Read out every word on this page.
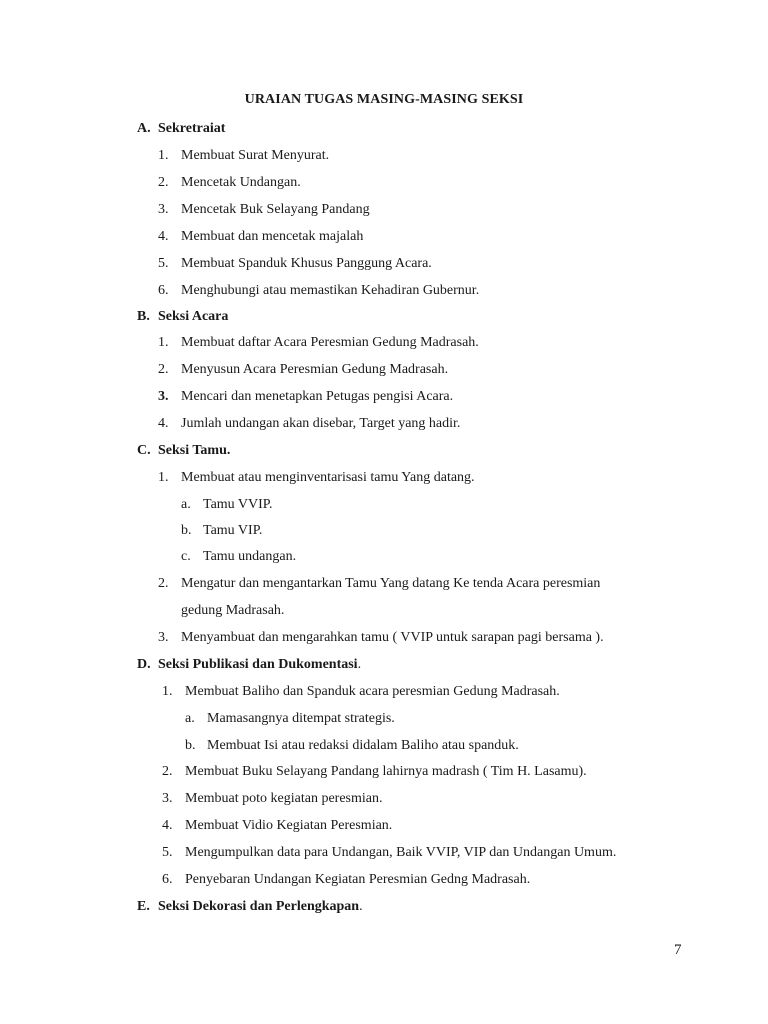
URAIAN TUGAS MASING-MASING SEKSI
A. Sekretraiat
1. Membuat Surat Menyurat.
2. Mencetak Undangan.
3. Mencetak Buk Selayang Pandang
4. Membuat dan mencetak majalah
5. Membuat Spanduk Khusus Panggung Acara.
6. Menghubungi atau memastikan Kehadiran Gubernur.
B. Seksi Acara
1. Membuat daftar Acara Peresmian Gedung Madrasah.
2. Menyusun Acara Peresmian Gedung Madrasah.
3. Mencari dan menetapkan Petugas pengisi Acara.
4. Jumlah undangan akan disebar, Target yang hadir.
C. Seksi Tamu.
1. Membuat atau menginventarisasi tamu Yang datang.
a. Tamu VVIP.
b. Tamu VIP.
c. Tamu undangan.
2. Mengatur dan mengantarkan Tamu Yang datang Ke tenda Acara peresmian
gedung Madrasah.
3. Menyambuat dan mengarahkan tamu ( VVIP untuk sarapan pagi bersama ).
D. Seksi Publikasi dan Dukomentasi.
1. Membuat Baliho dan Spanduk acara peresmian Gedung Madrasah.
a. Mamasangnya ditempat strategis.
b. Membuat Isi atau redaksi didalam Baliho atau spanduk.
2. Membuat Buku Selayang Pandang lahirnya madrash ( Tim H. Lasamu).
3. Membuat poto kegiatan peresmian.
4. Membuat Vidio Kegiatan Peresmian.
5. Mengumpulkan data para Undangan, Baik VVIP, VIP dan Undangan Umum.
6. Penyebaran Undangan Kegiatan Peresmian Gedng Madrasah.
E. Seksi Dekorasi dan Perlengkapan.
7
